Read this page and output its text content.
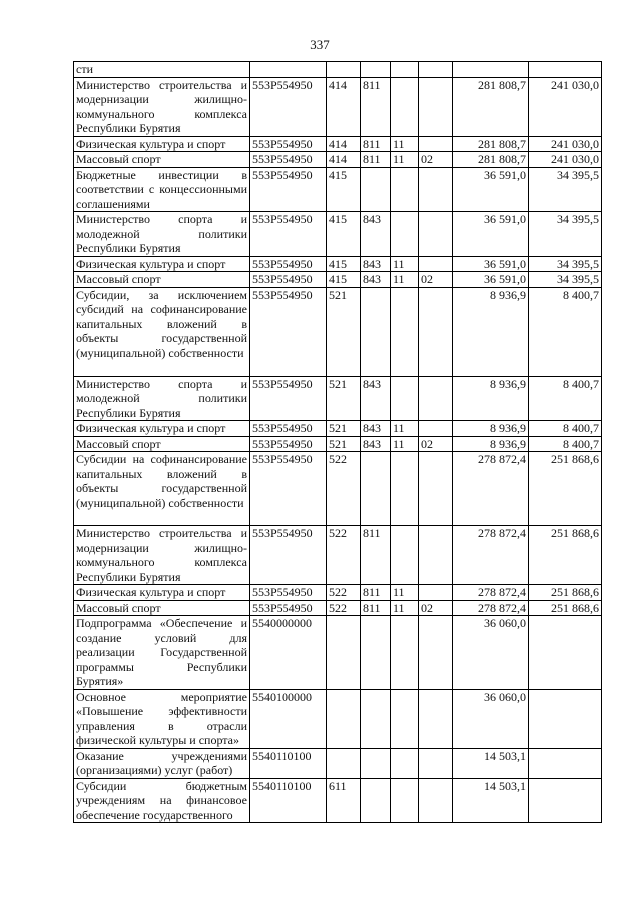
337
сти							
Министерство строительства и модернизации жилищно-коммунального комплекса Республики Бурятия	553P554950	414	811			281 808,7	241 030,0
Физическая культура и спорт	553P554950	414	811	11		281 808,7	241 030,0
Массовый спорт	553P554950	414	811	11	02	281 808,7	241 030,0
Бюджетные инвестиции в соответствии с концессионными соглашениями	553P554950	415				36 591,0	34 395,5
Министерство спорта и молодежной политики Республики Бурятия	553P554950	415	843			36 591,0	34 395,5
Физическая культура и спорт	553P554950	415	843	11		36 591,0	34 395,5
Массовый спорт	553P554950	415	843	11	02	36 591,0	34 395,5
Субсидии, за исключением субсидий на софинансирование капитальных вложений в объекты государственной (муниципальной) собственности	553P554950	521				8 936,9	8 400,7
Министерство спорта и молодежной политики Республики Бурятия	553P554950	521	843			8 936,9	8 400,7
Физическая культура и спорт	553P554950	521	843	11		8 936,9	8 400,7
Массовый спорт	553P554950	521	843	11	02	8 936,9	8 400,7
Субсидии на софинансирование капитальных вложений в объекты государственной (муниципальной) собственности	553P554950	522				278 872,4	251 868,6
Министерство строительства и модернизации жилищно-коммунального комплекса Республики Бурятия	553P554950	522	811			278 872,4	251 868,6
Физическая культура и спорт	553P554950	522	811	11		278 872,4	251 868,6
Массовый спорт	553P554950	522	811	11	02	278 872,4	251 868,6
Подпрограмма «Обеспечение и создание условий для реализации Государственной программы Республики Бурятия»	5540000000					36 060,0	
Основное мероприятие «Повышение эффективности управления в отрасли физической культуры и спорта»	5540100000					36 060,0	
Оказание учреждениями (организациями) услуг (работ)	5540110100					14 503,1	
Субсидии бюджетным учреждениям на финансовое обеспечение государственного	5540110100	611				14 503,1	
